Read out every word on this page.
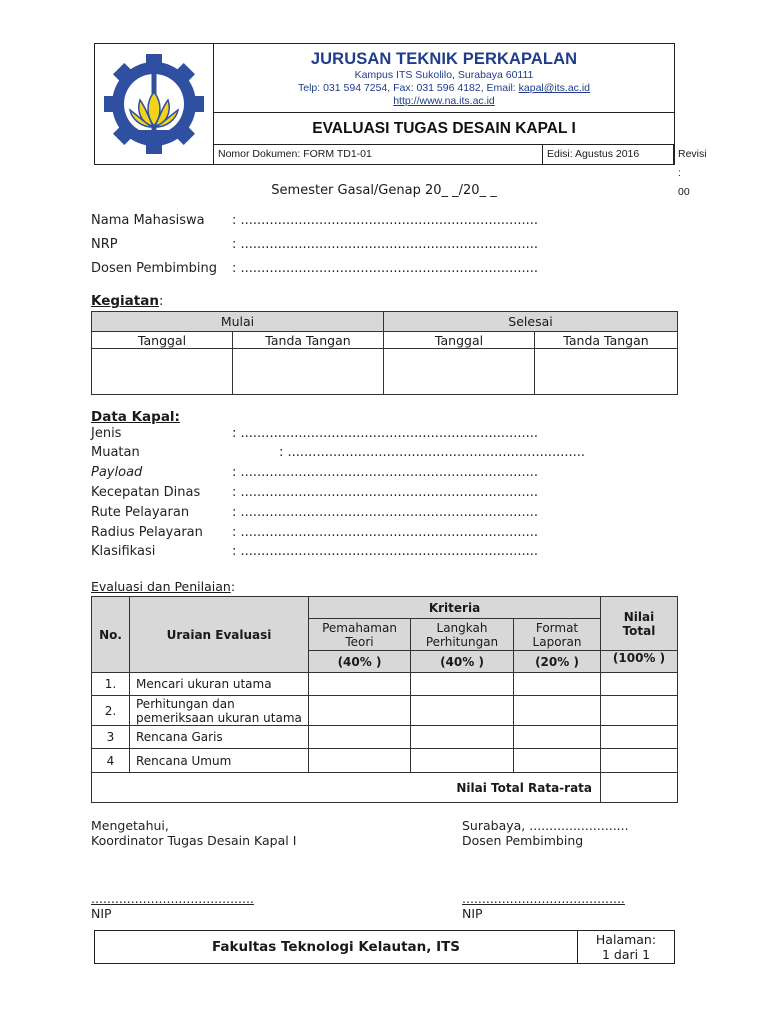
JURUSAN TEKNIK PERKAPALAN
Kampus ITS Sukolilo, Surabaya 60111
Telp: 031 594 7254, Fax: 031 596 4182, Email: kapal@its.ac.id
http://www.na.its.ac.id
EVALUASI TUGAS DESAIN KAPAL I
Nomor Dokumen: FORM TD1-01	Edisi: Agustus 2016	Revisi : 00
Semester Gasal/Genap 20_ _/20_ _
Nama Mahasiswa : ........................................................................
NRP	: ........................................................................
Dosen Pembimbing : ........................................................................
Kegiatan:
Mulai		Selesai	
Tanggal	Tanda Tangan	Tanggal	Tanda Tangan

Data Kapal:
Jenis	: ........................................................................
Muatan	: ........................................................................
Payload	: ........................................................................
Kecepatan Dinas : ........................................................................
Rute Pelayaran	: ........................................................................
Radius Pelayaran : ........................................................................
Klasifikasi	: ........................................................................
Evaluasi dan Penilaian:
No.	Uraian Evaluasi	Kriteria			Nilai Total

		Pemahaman Teori	Langkah Perhitungan	Format Laporan	

		(40% )	(40% )	(20% )	(100% )
1.	Mencari ukuran utama				
2.	Perhitungan dan pemeriksaan ukuran utama				

3	Rencana Garis				
4	Rencana Umum				
Nilai Total Rata-rata					
Mengetahui,
Koordinator Tugas Desain Kapal I
Surabaya, .........................
Dosen Pembimbing
.........................................
NIP
.........................................
NIP
Fakultas Teknologi Kelautan, ITS	Halaman:
1 dari 1
